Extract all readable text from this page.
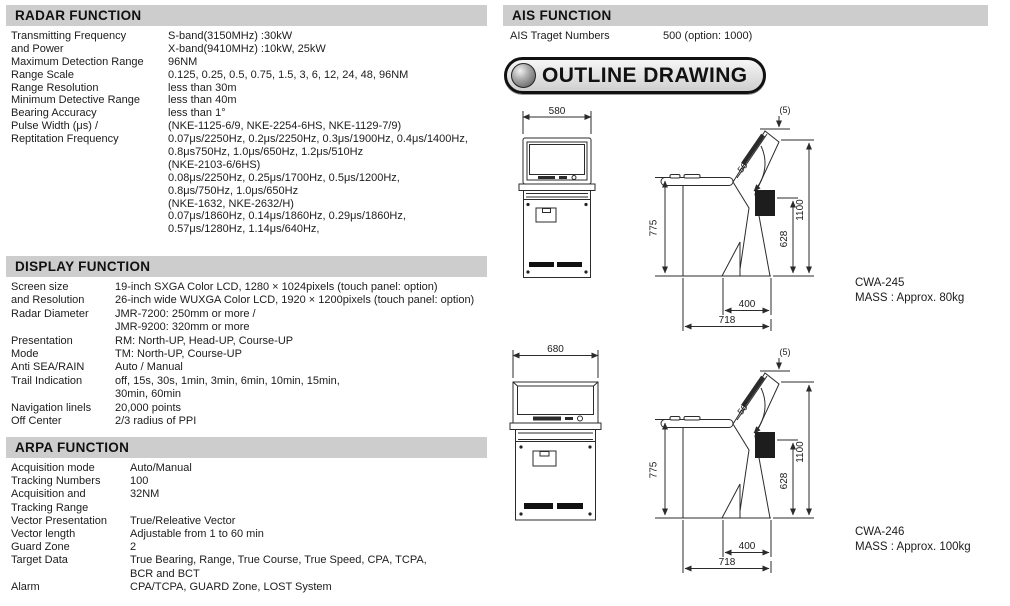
RADAR FUNCTION
Transmitting Frequency	S-band(3150MHz) :30kW
and Power	X-band(9410MHz) :10kW, 25kW
Maximum Detection Range	96NM
Range Scale	0.125, 0.25, 0.5, 0.75, 1.5, 3, 6, 12, 24, 48, 96NM
Range Resolution	less than 30m
Minimum Detective Range	less than 40m
Bearing Accuracy	less than 1°
Pulse Width (μs) /	(NKE-1125-6/9, NKE-2254-6HS, NKE-1129-7/9)
Reptitation Frequency	0.07μs/2250Hz, 0.2μs/2250Hz, 0.3μs/1900Hz, 0.4μs/1400Hz,
0.8μs750Hz, 1.0μs/650Hz, 1.2μs/510Hz
(NKE-2103-6/6HS)
0.08μs/2250Hz, 0.25μs/1700Hz, 0.5μs/1200Hz,
0.8μs/750Hz, 1.0μs/650Hz
(NKE-1632, NKE-2632/H)
0.07μs/1860Hz, 0.14μs/1860Hz, 0.29μs/1860Hz,
0.57μs/1280Hz, 1.14μs/640Hz,
DISPLAY FUNCTION
Screen size	19-inch SXGA Color LCD, 1280 × 1024pixels (touch panel: option)
and Resolution	26-inch wide WUXGA Color LCD, 1920 × 1200pixels (touch panel: option)
Radar Diameter	JMR-7200: 250mm or more /
JMR-9200: 320mm or more
Presentation	RM: North-UP, Head-UP, Course-UP
Mode	TM: North-UP, Course-UP
Anti SEA/RAIN	Auto / Manual
Trail Indication	off, 15s, 30s, 1min, 3min, 6min, 10min, 15min,
30min, 60min
Navigation linels	20,000 points
Off Center	2/3 radius of PPI
ARPA FUNCTION
Acquisition mode	Auto/Manual
Tracking Numbers	100
Acquisition and	32NM
Tracking Range
Vector Presentation	True/Releative Vector
Vector length	Adjustable from 1 to 60 min
Guard Zone	2
Target Data	True Bearing, Range, True Course, True Speed, CPA, TCPA,
BCR and BCT
Alarm	CPA/TCPA, GUARD Zone, LOST System
AIS FUNCTION
AIS Traget Numbers	500 (option: 1000)
OUTLINE DRAWING
580
775
(5)
50°
1100
628
400
718
CWA-245
MASS : Approx. 80kg
680
775
(5)
50°
1100
628
400
718
CWA-246
MASS : Approx. 100kg
